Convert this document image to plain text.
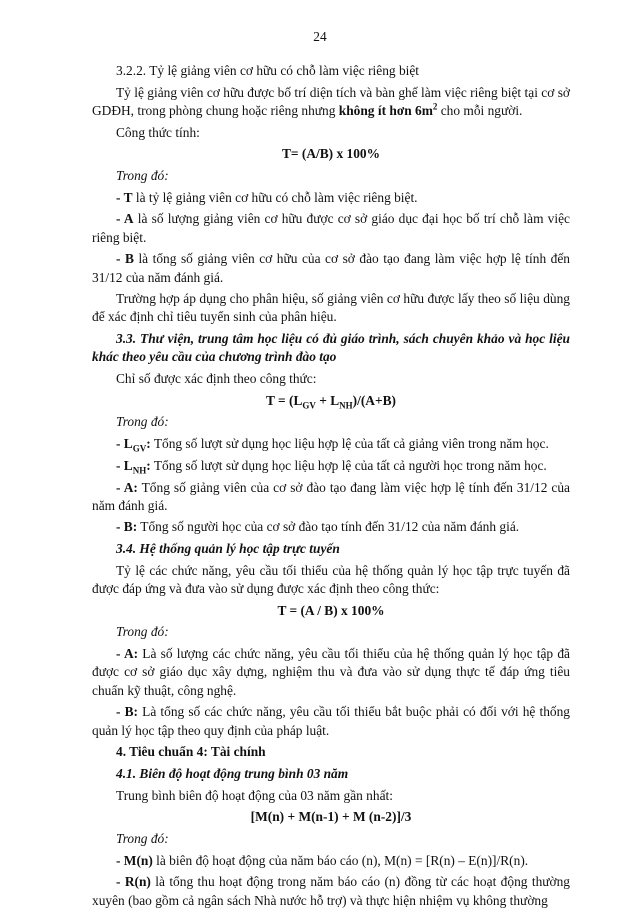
24

3.2.2. Tỷ lệ giảng viên cơ hữu có chỗ làm việc riêng biệt

Tỷ lệ giảng viên cơ hữu được bố trí diện tích và bàn ghế làm việc riêng biệt tại cơ sở GDĐH, trong phòng chung hoặc riêng nhưng không ít hơn $6m^2$ cho mỗi người.

Công thức tính:

T= (A/B) x 100%

Trong đó:

- T là tỷ lệ giảng viên cơ hữu có chỗ làm việc riêng biệt.

- A là số lượng giảng viên cơ hữu được cơ sở giáo dục đại học bố trí chỗ làm việc riêng biệt.

- B là tổng số giảng viên cơ hữu của cơ sở đào tạo đang làm việc hợp lệ tính đến 31/12 của năm đánh giá.

Trường hợp áp dụng cho phân hiệu, số giảng viên cơ hữu được lấy theo số liệu dùng để xác định chỉ tiêu tuyển sinh của phân hiệu.

3.3. Thư viện, trung tâm học liệu có đủ giáo trình, sách chuyên khảo và học liệu khác theo yêu cầu của chương trình đào tạo

Chỉ số được xác định theo công thức:

$T = (L_{GV} + L_{NH})/(A+B)$

Trong đó:

- $L_{GV}$: Tổng số lượt sử dụng học liệu hợp lệ của tất cả giảng viên trong năm học.

- $L_{NH}$: Tổng số lượt sử dụng học liệu hợp lệ của tất cả người học trong năm học.

- A: Tổng số giảng viên của cơ sở đào tạo đang làm việc hợp lệ tính đến 31/12 của năm đánh giá.

- B: Tổng số người học của cơ sở đào tạo tính đến 31/12 của năm đánh giá.

3.4. Hệ thống quản lý học tập trực tuyến

Tỷ lệ các chức năng, yêu cầu tối thiểu của hệ thống quản lý học tập trực tuyến đã được đáp ứng và đưa vào sử dụng được xác định theo công thức:

T = (A / B) x 100%

Trong đó:

- A: Là số lượng các chức năng, yêu cầu tối thiểu của hệ thống quản lý học tập đã được cơ sở giáo dục xây dựng, nghiệm thu và đưa vào sử dụng thực tế đáp ứng tiêu chuẩn kỹ thuật, công nghệ.

- B: Là tổng số các chức năng, yêu cầu tối thiểu bắt buộc phải có đối với hệ thống quản lý học tập theo quy định của pháp luật.

4. Tiêu chuẩn 4: Tài chính

4.1. Biên độ hoạt động trung bình 03 năm

Trung bình biên độ hoạt động của 03 năm gần nhất:

[M(n) + M(n-1) + M (n-2)]/3

Trong đó:

- M(n) là biên độ hoạt động của năm báo cáo (n), M(n) = [R(n) – E(n)]/R(n).

- R(n) là tổng thu hoạt động trong năm báo cáo (n) đồng từ các hoạt động thường xuyên (bao gồm cả ngân sách Nhà nước hỗ trợ) và thực hiện nhiệm vụ không thường
